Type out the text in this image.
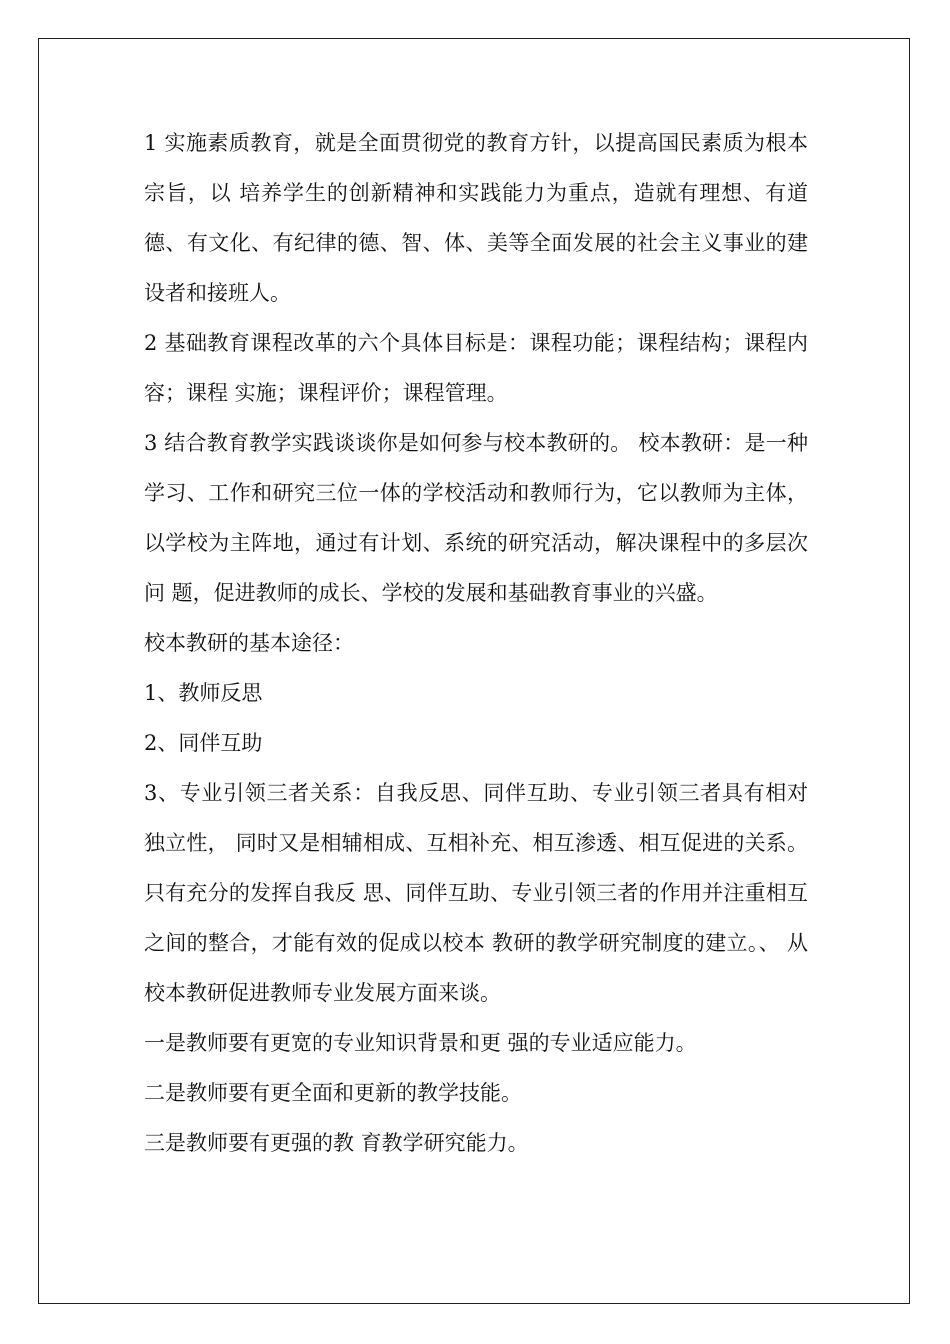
1 实施素质教育，就是全面贯彻党的教育方针，以提高国民素质为根本宗旨，以 培养学生的创新精神和实践能力为重点，造就有理想、有道德、有文化、有纪律的德、智、体、美等全面发展的社会主义事业的建设者和接班人。

2 基础教育课程改革的六个具体目标是：课程功能；课程结构；课程内容；课程 实施；课程评价；课程管理。

3 结合教育教学实践谈谈你是如何参与校本教研的。 校本教研：是一种学习、工作和研究三位一体的学校活动和教师行为，它以教师为主体，以学校为主阵地，通过有计划、系统的研究活动，解决课程中的多层次问 题，促进教师的成长、学校的发展和基础教育事业的兴盛。

校本教研的基本途径：

1、教师反思

2、同伴互助

3、专业引领三者关系：自我反思、同伴互助、专业引领三者具有相对独立性， 同时又是相辅相成、互相补充、相互渗透、相互促进的关系。只有充分的发挥自我反 思、同伴互助、专业引领三者的作用并注重相互之间的整合，才能有效的促成以校本 教研的教学研究制度的建立。、 从校本教研促进教师专业发展方面来谈。

一是教师要有更宽的专业知识背景和更 强的专业适应能力。

二是教师要有更全面和更新的教学技能。

三是教师要有更强的教 育教学研究能力。
